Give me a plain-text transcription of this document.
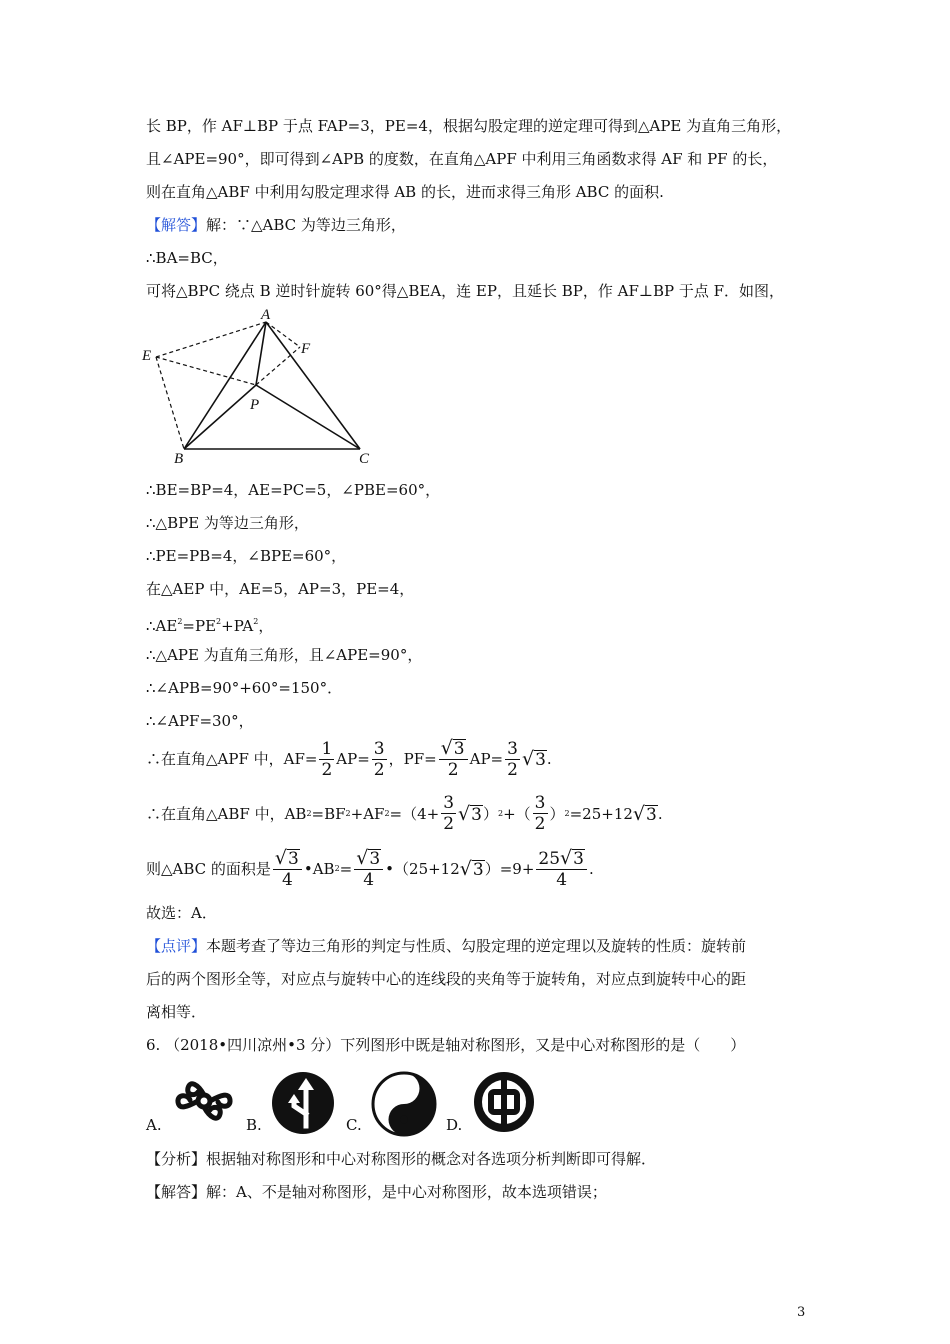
长 BP，作 AF⊥BP 于点 FAP=3，PE=4，根据勾股定理的逆定理可得到△APE 为直角三角形，
且∠APE=90°，即可得到∠APB 的度数，在直角△APF 中利用三角函数求得 AF 和 PF 的长，
则在直角△ABF 中利用勾股定理求得 AB 的长，进而求得三角形 ABC 的面积.
【解答】解：∵△ABC 为等边三角形，
∴BA=BC，
可将△BPC 绕点 B 逆时针旋转 60°得△BEA，连 EP，且延长 BP，作 AF⊥BP 于点 F．如图，
A
B	C
E	F
P
∴BE=BP=4，AE=PC=5，∠PBE=60°，
∴△BPE 为等边三角形，
∴PE=PB=4，∠BPE=60°，
在△AEP 中，AE=5，AP=3，PE=4，
$\therefore AE^2=PE^2+PA^2$，
∴△APE 为直角三角形，且∠APE=90°，
∴∠APB=90°+60°=150°．
∴∠APF=30°，
∴在直角△APF 中，$AF= \frac{1}{2} AP= \frac{3}{2}$ ，$PF= \frac{√ 3}{2} AP= \frac{3}{2}$ √ 3 .
∴在直角△ABF 中，AB 2 =BF 2 +AF $2 =(4+ \frac{3}{2}$ √ 3 ） 2 +（ $\frac{3}{2}$ ） 2 =25+12 √ 3 .
则△ABC 的面积是 $\frac{√ 3}{4}$ •AB $2 = \frac{√ 3}{4}$ •（25+12 √ 3 ）= $9+ \frac{25 √ 3}{4}$ .
故选：A．
【点评】本题考查了等边三角形的判定与性质、勾股定理的逆定理以及旋转的性质：旋转前
后的两个图形全等，对应点与旋转中心的连线段的夹角等于旋转角，对应点到旋转中心的距
离相等．
6. （2018•四川凉州•3 分）下列图形中既是轴对称图形，又是中心对称图形的是（　　）
A.	B.	C.	D.
【分析】根据轴对称图形和中心对称图形的概念对各选项分析判断即可得解．
【解答】解：A、不是轴对称图形，是中心对称图形，故本选项错误；
3
